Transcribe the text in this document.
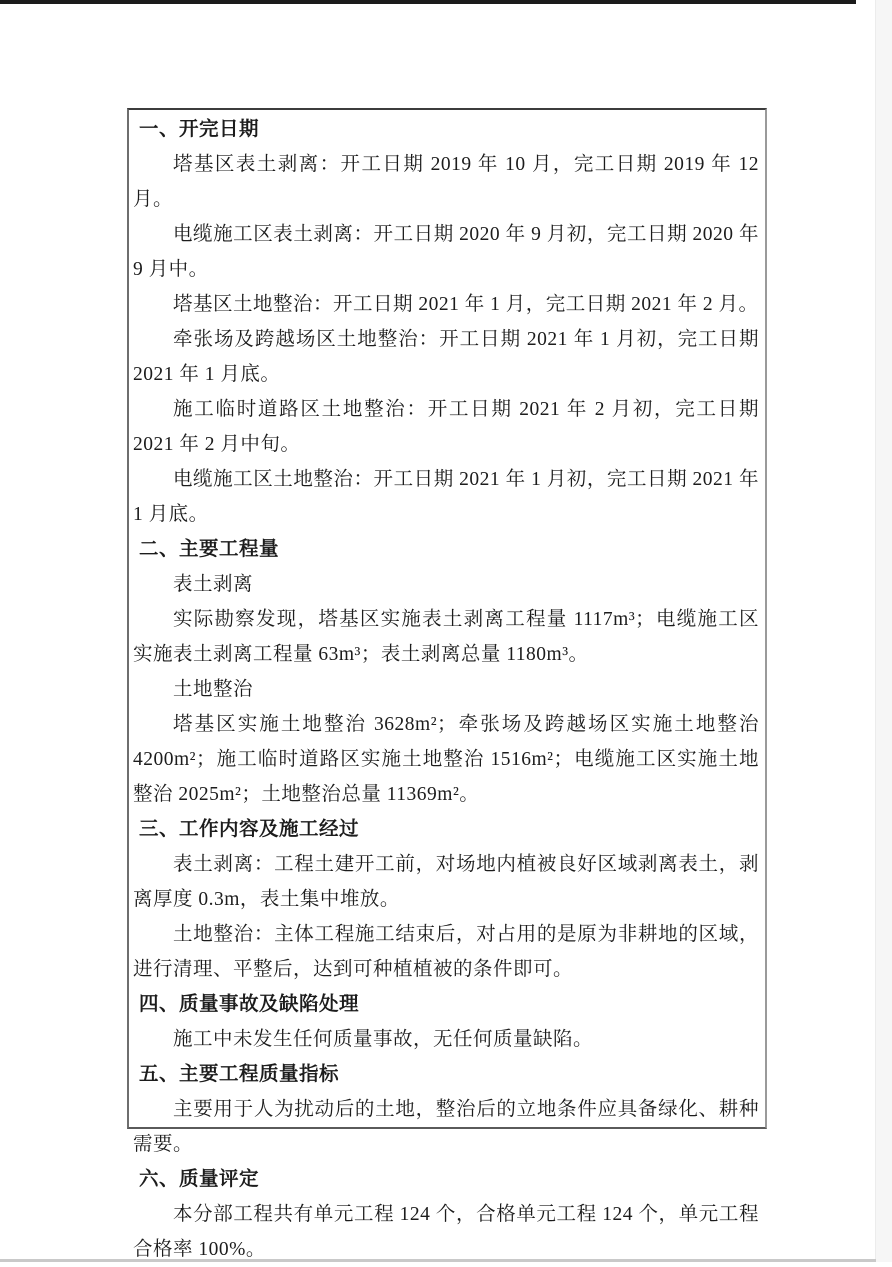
一、开完日期
塔基区表土剥离：开工日期 2019 年 10 月，完工日期 2019 年 12 月。
电缆施工区表土剥离：开工日期 2020 年 9 月初，完工日期 2020 年 9 月中。
塔基区土地整治：开工日期 2021 年 1 月，完工日期 2021 年 2 月。
牵张场及跨越场区土地整治：开工日期 2021 年 1 月初，完工日期 2021 年 1 月底。
施工临时道路区土地整治：开工日期 2021 年 2 月初，完工日期 2021 年 2 月中旬。
电缆施工区土地整治：开工日期 2021 年 1 月初，完工日期 2021 年 1 月底。
二、主要工程量
表土剥离
实际勘察发现，塔基区实施表土剥离工程量 1117m³；电缆施工区实施表土剥离工程量 63m³；表土剥离总量 1180m³。
土地整治
塔基区实施土地整治 3628m²；牵张场及跨越场区实施土地整治 4200m²；施工临时道路区实施土地整治 1516m²；电缆施工区实施土地整治 2025m²；土地整治总量 11369m²。
三、工作内容及施工经过
表土剥离：工程土建开工前，对场地内植被良好区域剥离表土，剥离厚度 0.3m，表土集中堆放。
土地整治：主体工程施工结束后，对占用的是原为非耕地的区域，进行清理、平整后，达到可种植植被的条件即可。
四、质量事故及缺陷处理
施工中未发生任何质量事故，无任何质量缺陷。
五、主要工程质量指标
主要用于人为扰动后的土地，整治后的立地条件应具备绿化、耕种需要。
六、质量评定
本分部工程共有单元工程 124 个，合格单元工程 124 个，单元工程合格率 100%。
